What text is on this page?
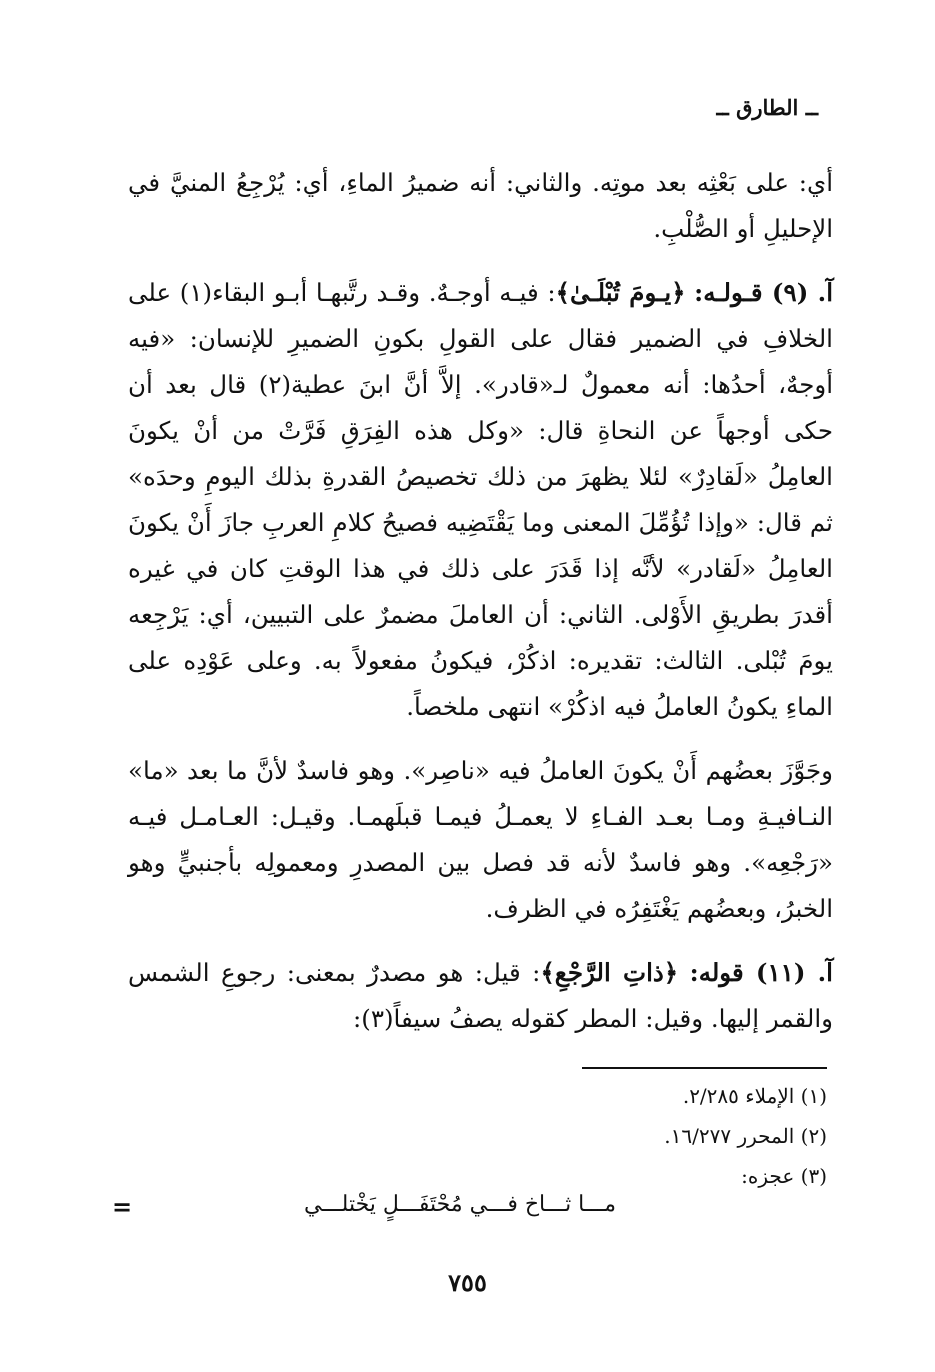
ــ الطارق ــ

أي: على بَعْثِه بعد موتِه. والثاني: أنه ضميرُ الماءِ، أي: يُرْجِعُ المنيَّ في الإحليلِ أو الصُّلْبِ.

آ. (٩) قـولـه: ﴿يـومَ تُبْلَـىٰ﴾: فيـه أوجـهٌ. وقـد رتَّبهـا أبـو البقاء(١) على الخلافِ في الضمير فقال على القولِ بكونِ الضميرِ للإنسان: «فيه أوجهٌ، أحدُها: أنه معمولٌ لـ«قادر». إلاَّ أنَّ ابنَ عطية(٢) قال بعد أن حكى أوجهاً عن النحاةِ قال: «وكل هذه الفِرَقِ فَرَّتْ من أنْ يكونَ العامِلُ «لَقادِرٌ» لئلا يظهرَ من ذلك تخصيصُ القدرةِ بذلك اليومِ وحدَه» ثم قال: «وإذا تُؤُمِّلَ المعنى وما يَقْتَضِيه فصيحُ كلامِ العربِ جازَ أَنْ يكونَ العامِلُ «لَقادر» لأنَّه إذا قَدَرَ على ذلك في هذا الوقتِ كان في غيره أقدرَ بطريقِ الأَوْلى. الثاني: أن العاملَ مضمرٌ على التبيين، أي: يَرْجِعه يومَ تُبْلى. الثالث: تقديره: اذكُرْ، فيكونُ مفعولاً به. وعلى عَوْدِه على الماءِ يكونُ العاملُ فيه اذكُرْ» انتهى ملخصاً.

وجَوَّزَ بعضُهم أَنْ يكونَ العاملُ فيه «ناصِر». وهو فاسدٌ لأنَّ ما بعد «ما» النـافيـةِ ومـا بعـد الفـاءِ لا يعمـلُ فيمـا قبلَهمـا. وقيـل: العـامـل فيـه «رَجْعِه». وهو فاسدٌ لأنه قد فصل بين المصدرِ ومعمولِه بأجنبيٍّ وهو الخبرُ، وبعضُهم يَغْتَفِرُه في الظرف.

آ. (١١) قوله: ﴿ذاتِ الرَّجْعِ﴾: قيل: هو مصدرٌ بمعنى: رجوعِ الشمس والقمر إليها. وقيل: المطر كقوله يصفُ سيفاً(٣):

(١) الإملاء ٢/٢٨٥.

(٢) المحرر ١٦/٢٧٧.

(٣) عجزه:

مـــا ثـــاخ فـــي مُحْتَفَـــلٍ يَخْتلـــي
=
٧٥٥
